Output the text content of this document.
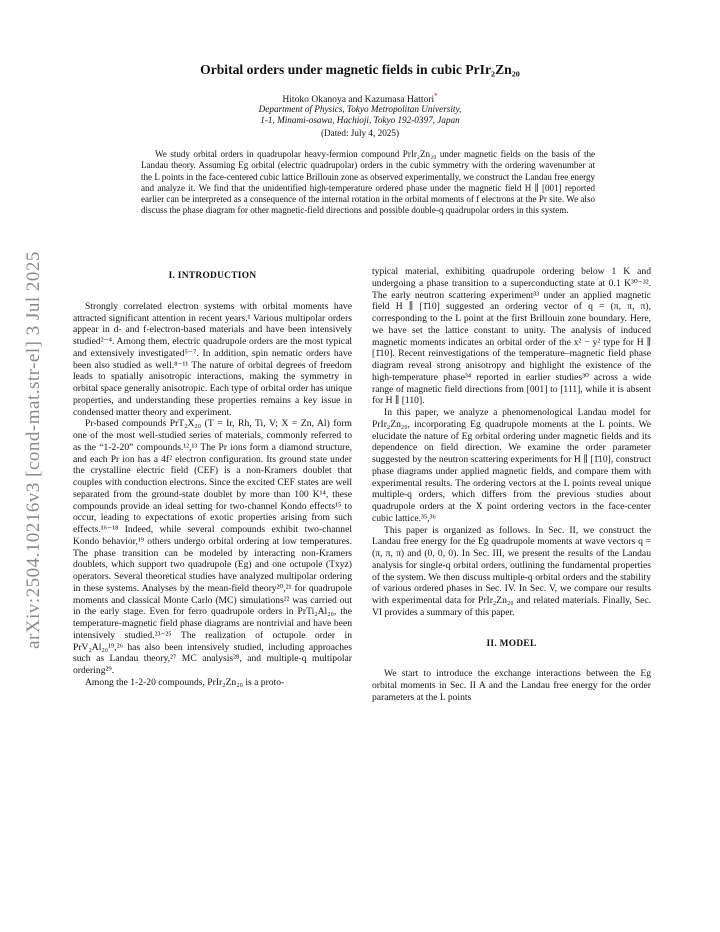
arXiv:2504.10216v3 [cond-mat.str-el] 3 Jul 2025
Orbital orders under magnetic fields in cubic PrIr₂Zn₂₀
Hitoko Okanoya and Kazumasa Hattori*
Department of Physics, Tokyo Metropolitan University,
1-1, Minami-osawa, Hachioji, Tokyo 192-0397, Japan
(Dated: July 4, 2025)
We study orbital orders in quadrupolar heavy-fermion compound PrIr₂Zn₂₀ under magnetic fields on the basis of the Landau theory. Assuming Eg orbital (electric quadrupolar) orders in the cubic symmetry with the ordering wavenumber at the L points in the face-centered cubic lattice Brillouin zone as observed experimentally, we construct the Landau free energy and analyze it. We find that the unidentified high-temperature ordered phase under the magnetic field H ∥ [001] reported earlier can be interpreted as a consequence of the internal rotation in the orbital moments of f electrons at the Pr site. We also discuss the phase diagram for other magnetic-field directions and possible double-q quadrupolar orders in this system.
I. INTRODUCTION

Strongly correlated electron systems with orbital moments have attracted significant attention in recent years.¹ Various multipolar orders appear in d- and f-electron-based materials and have been intensively studied²⁻⁴. Among them, electric quadrupole orders are the most typical and extensively investigated⁵⁻⁷. In addition, spin nematic orders have been also studied as well.⁸⁻¹¹ The nature of orbital degrees of freedom leads to spatially anisotropic interactions, making the symmetry in orbital space generally anisotropic. Each type of orbital order has unique properties, and understanding these properties remains a key issue in condensed matter theory and experiment.

Pr-based compounds PrT₂X₂₀ (T = Ir, Rh, Ti, V; X = Zn, Al) form one of the most well-studied series of materials, commonly referred to as the “1-2-20” compounds.¹²,¹³ The Pr ions form a diamond structure, and each Pr ion has a 4f² electron configuration. Its ground state under the crystalline electric field (CEF) is a non-Kramers doublet that couples with conduction electrons. Since the excited CEF states are well separated from the ground-state doublet by more than 100 K¹⁴, these compounds provide an ideal setting for two-channel Kondo effects¹⁵ to occur, leading to expectations of exotic properties arising from such effects.¹⁶⁻¹⁸ Indeed, while several compounds exhibit two-channel Kondo behavior,¹⁹ others undergo orbital ordering at low temperatures. The phase transition can be modeled by interacting non-Kramers doublets, which support two quadrupole (Eg) and one octupole (Txyz) operators. Several theoretical studies have analyzed multipolar ordering in these systems. Analyses by the mean-field theory²⁰,²¹ for quadrupole moments and classical Monte Carlo (MC) simulations²² was carried out in the early stage. Even for ferro quadrupole orders in PrTi₂Al₂₀, the temperature-magnetic field phase diagrams are nontrivial and have been intensively studied.²³⁻²⁵ The realization of octupole order in PrV₂Al₂₀¹⁹,²⁶ has also been intensively studied, including approaches such as Landau theory,²⁷ MC analysis²⁸, and multiple-q multipolar ordering²⁹.

Among the 1-2-20 compounds, PrIr₂Zn₂₀ is a proto-

typical material, exhibiting quadrupole ordering below 1 K and undergoing a phase transition to a superconducting state at 0.1 K³⁰⁻³². The early neutron scattering experiment³³ under an applied magnetic field H ∥ [1̄10] suggested an ordering vector of q = (π, π, π), corresponding to the L point at the first Brillouin zone boundary. Here, we have set the lattice constant to unity. The analysis of induced magnetic moments indicates an orbital order of the x² − y² type for H ∥ [1̄10]. Recent reinvestigations of the temperature–magnetic field phase diagram reveal strong anisotropy and highlight the existence of the high-temperature phase³⁴ reported in earlier studies³⁰ across a wide range of magnetic field directions from [001] to [111], while it is absent for H ∥ [110].

In this paper, we analyze a phenomenological Landau model for PrIr₂Zn₂₀, incorporating Eg quadrupole moments at the L points. We elucidate the nature of Eg orbital ordering under magnetic fields and its dependence on field direction. We examine the order parameter suggested by the neutron scattering experiments for H ∥ [1̄10], construct phase diagrams under applied magnetic fields, and compare them with experimental results. The ordering vectors at the L points reveal unique multiple-q orders, which differs from the previous studies about quadrupole orders at the X point ordering vectors in the face-center cubic lattice.³⁵,³⁶

This paper is organized as follows. In Sec. II, we construct the Landau free energy for the Eg quadrupole moments at wave vectors q = (π, π, π) and (0, 0, 0). In Sec. III, we present the results of the Landau analysis for single-q orbital orders, outlining the fundamental properties of the system. We then discuss multiple-q orbital orders and the stability of various ordered phases in Sec. IV. In Sec. V, we compare our results with experimental data for PrIr₂Zn₂₀ and related materials. Finally, Sec. VI provides a summary of this paper.

II. MODEL

We start to introduce the exchange interactions between the Eg orbital moments in Sec. II A and the Landau free energy for the order parameters at the L points
